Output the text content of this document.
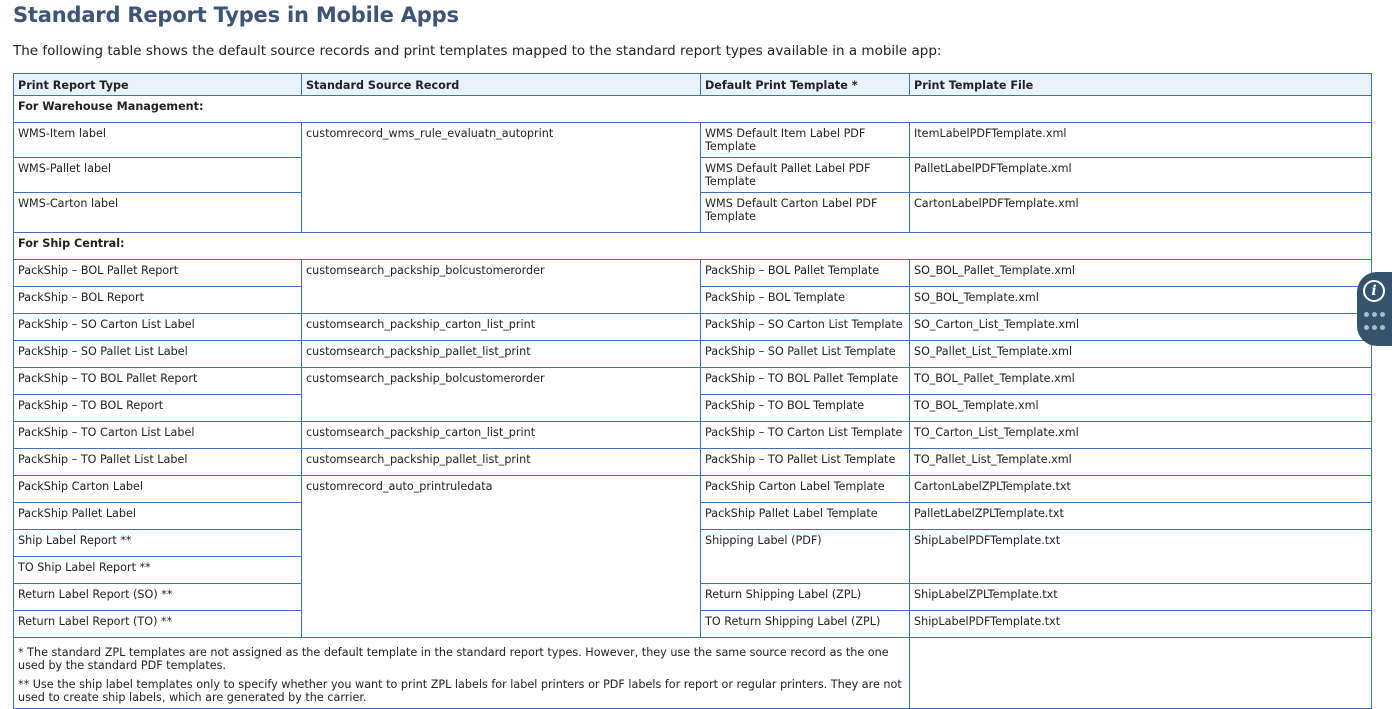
Standard Report Types in Mobile Apps

The following table shows the default source records and print templates mapped to the standard report types available in a mobile app:

Print Report Type	Standard Source Record	Default Print Template *	Print Template File
For Warehouse Management:			
WMS-Item label	customrecord_wms_rule_evaluatn_autoprint	WMS Default Item Label PDF Template	ItemLabelPDFTemplate.xml
WMS-Pallet label		WMS Default Pallet Label PDF Template	PalletLabelPDFTemplate.xml
WMS-Carton label		WMS Default Carton Label PDF Template	CartonLabelPDFTemplate.xml
For Ship Central:			
PackShip – BOL Pallet Report	customsearch_packship_bolcustomerorder	PackShip – BOL Pallet Template	SO_BOL_Pallet_Template.xml
PackShip – BOL Report		PackShip – BOL Template	SO_BOL_Template.xml
PackShip – SO Carton List Label	customsearch_packship_carton_list_print	PackShip – SO Carton List Template	SO_Carton_List_Template.xml
PackShip – SO Pallet List Label	customsearch_packship_pallet_list_print	PackShip – SO Pallet List Template	SO_Pallet_List_Template.xml
PackShip – TO BOL Pallet Report	customsearch_packship_bolcustomerorder	PackShip – TO BOL Pallet Template	TO_BOL_Pallet_Template.xml
PackShip – TO BOL Report		PackShip – TO BOL Template	TO_BOL_Template.xml
PackShip – TO Carton List Label	customsearch_packship_carton_list_print	PackShip – TO Carton List Template	TO_Carton_List_Template.xml
PackShip – TO Pallet List Label	customsearch_packship_pallet_list_print	PackShip – TO Pallet List Template	TO_Pallet_List_Template.xml
PackShip Carton Label	customrecord_auto_printruledata	PackShip Carton Label Template	CartonLabelZPLTemplate.txt
PackShip Pallet Label		PackShip Pallet Label Template	PalletLabelZPLTemplate.txt
Ship Label Report **		Shipping Label (PDF)	ShipLabelPDFTemplate.txt
TO Ship Label Report **			
Return Label Report (SO) **		Return Shipping Label (ZPL)	ShipLabelZPLTemplate.txt
Return Label Report (TO) **		TO Return Shipping Label (ZPL)	ShipLabelPDFTemplate.txt

* The standard ZPL templates are not assigned as the default template in the standard report types. However, they use the same source record as the one used by the standard PDF templates.

** Use the ship label templates only to specify whether you want to print ZPL labels for label printers or PDF labels for report or regular printers. They are not used to create ship labels, which are generated by the carrier.			

i
